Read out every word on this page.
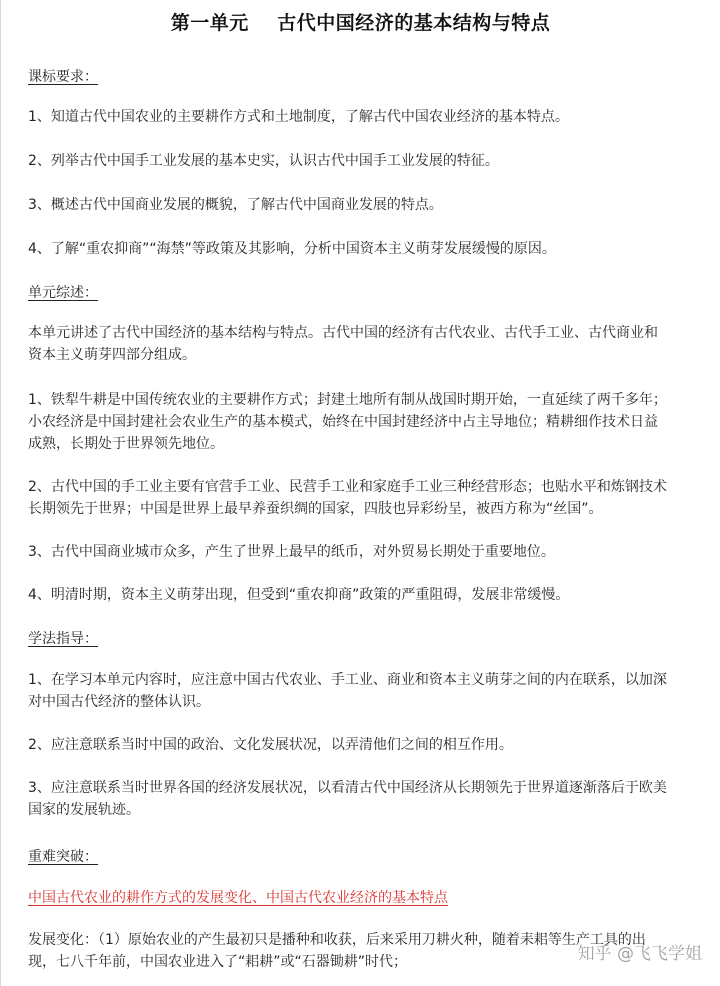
第一单元    古代中国经济的基本结构与特点
课标要求：
1、知道古代中国农业的主要耕作方式和土地制度，了解古代中国农业经济的基本特点。
2、列举古代中国手工业发展的基本史实，认识古代中国手工业发展的特征。
3、概述古代中国商业发展的概貌，了解古代中国商业发展的特点。
4、了解“重农抑商”“海禁”等政策及其影响，分析中国资本主义萌芽发展缓慢的原因。
单元综述：
本单元讲述了古代中国经济的基本结构与特点。古代中国的经济有古代农业、古代手工业、古代商业和
资本主义萌芽四部分组成。
1、铁犁牛耕是中国传统农业的主要耕作方式；封建土地所有制从战国时期开始，一直延续了两千多年；
小农经济是中国封建社会农业生产的基本模式，始终在中国封建经济中占主导地位；精耕细作技术日益
成熟，长期处于世界领先地位。
2、古代中国的手工业主要有官营手工业、民营手工业和家庭手工业三种经营形态；也贴水平和炼钢技术
长期领先于世界；中国是世界上最早养蚕织绸的国家，四肢也异彩纷呈，被西方称为“丝国”。
3、古代中国商业城市众多，产生了世界上最早的纸币，对外贸易长期处于重要地位。
4、明清时期，资本主义萌芽出现，但受到“重农抑商”政策的严重阻碍，发展非常缓慢。
学法指导：
1、在学习本单元内容时，应注意中国古代农业、手工业、商业和资本主义萌芽之间的内在联系，以加深
对中国古代经济的整体认识。
2、应注意联系当时中国的政治、文化发展状况，以弄清他们之间的相互作用。
3、应注意联系当时世界各国的经济发展状况，以看清古代中国经济从长期领先于世界道逐渐落后于欧美
国家的发展轨迹。
重难突破：
中国古代农业的耕作方式的发展变化、中国古代农业经济的基本特点
发展变化：（1）原始农业的产生最初只是播种和收获，后来采用刀耕火种，随着耒耜等生产工具的出
现，七八千年前，中国农业进入了“耜耕”或“石器锄耕”时代；	知乎 @飞飞学姐
